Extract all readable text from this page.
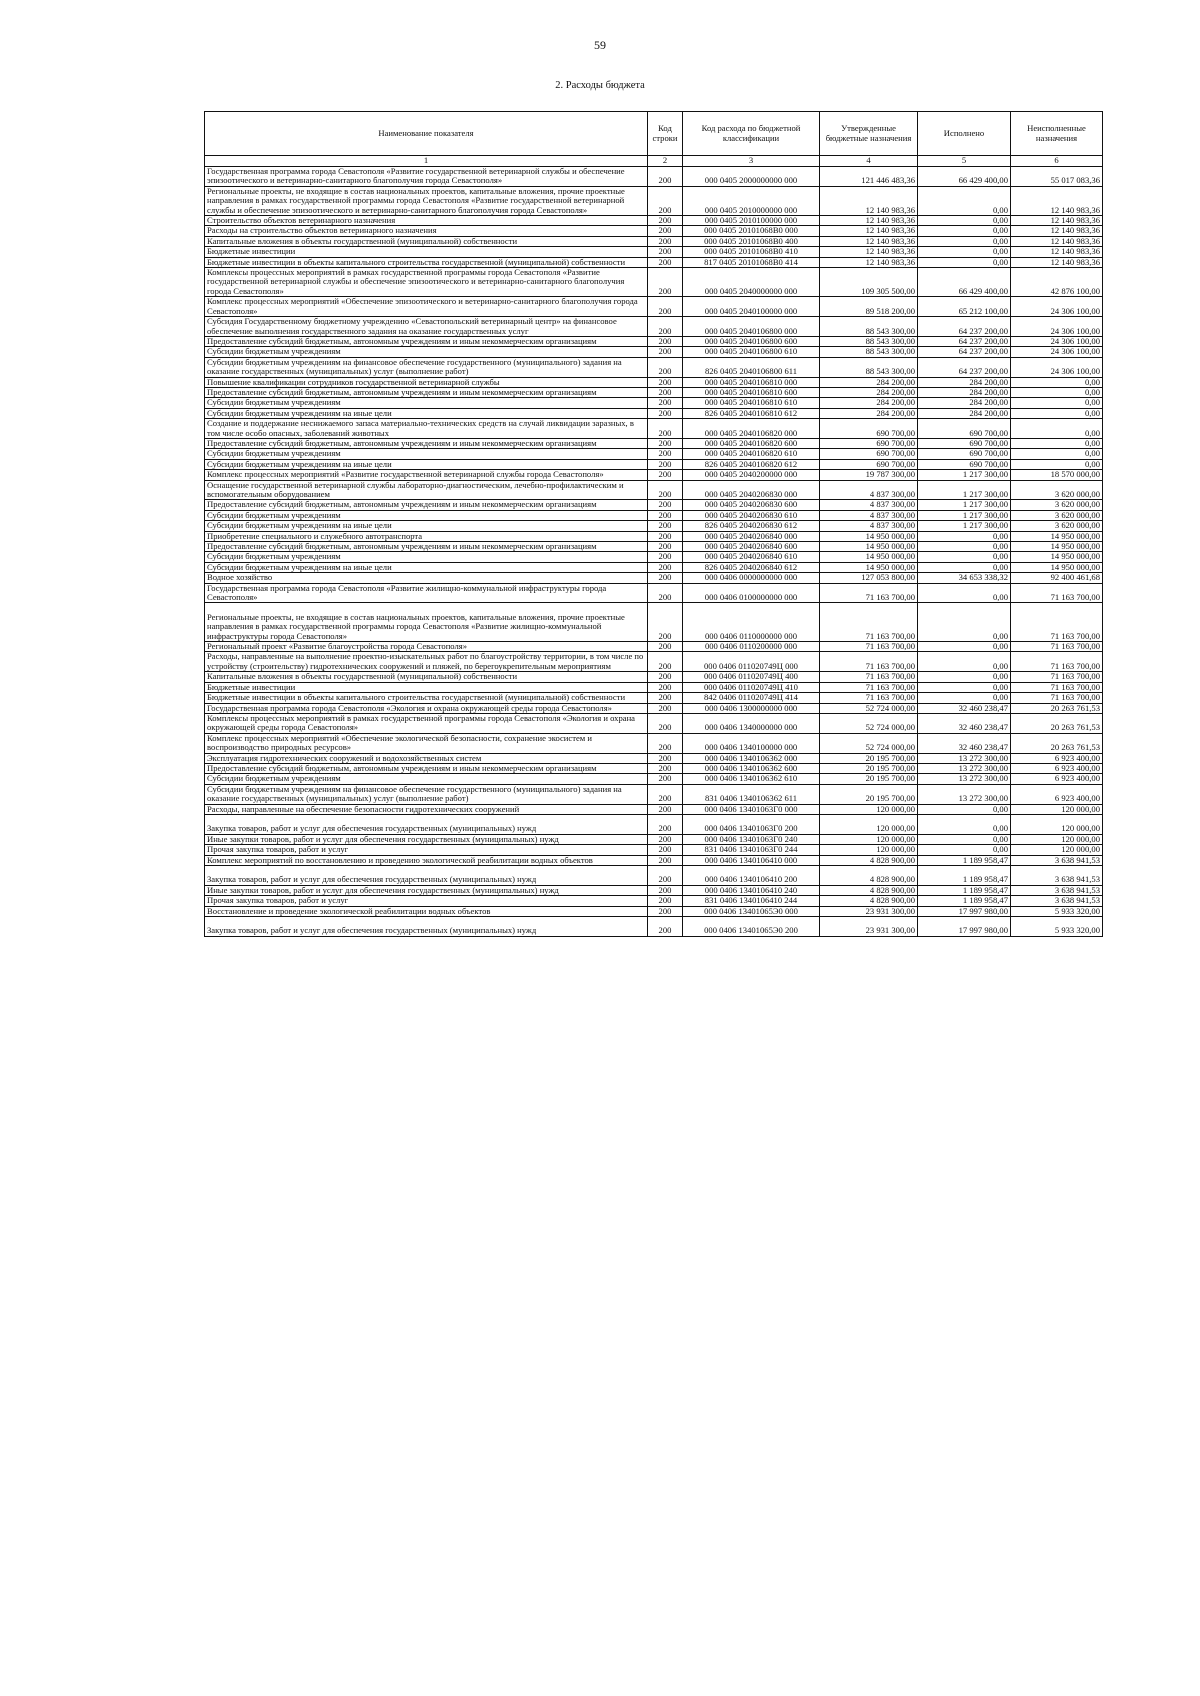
59
2. Расходы бюджета
Наименование показателя	Код строки	Код расхода по бюджетной классификации	Утвержденные бюджетные назначения	Исполнено	Неисполненные назначения
1	2	3	4	5	6
Государственная программа города Севастополя «Развитие государственной ветеринарной службы и обеспечение эпизоотического и ветеринарно-санитарного благополучия города Севастополя»	200	000 0405 2000000000 000	121 446 483,36	66 429 400,00	55 017 083,36
Региональные проекты, не входящие в состав национальных проектов, капитальные вложения, прочие проектные направления в рамках государственной программы города Севастополя «Развитие государственной ветеринарной службы и обеспечение эпизоотического и ветеринарно-санитарного благополучия города Севастополя»	200	000 0405 2010000000 000	12 140 983,36	0,00	12 140 983,36
Строительство объектов ветеринарного назначения	200	000 0405 2010100000 000	12 140 983,36	0,00	12 140 983,36
Расходы на строительство объектов ветеринарного назначения	200	000 0405 20101068В0 000	12 140 983,36	0,00	12 140 983,36
Капитальные вложения в объекты государственной (муниципальной) собственности	200	000 0405 20101068В0 400	12 140 983,36	0,00	12 140 983,36
Бюджетные инвестиции	200	000 0405 20101068В0 410	12 140 983,36	0,00	12 140 983,36
Бюджетные инвестиции в объекты капитального строительства государственной (муниципальной) собственности	200	817 0405 20101068В0 414	12 140 983,36	0,00	12 140 983,36
Комплексы процессных мероприятий в рамках государственной программы города Севастополя «Развитие государственной ветеринарной службы и обеспечение эпизоотического и ветеринарно-санитарного благополучия города Севастополя»	200	000 0405 2040000000 000	109 305 500,00	66 429 400,00	42 876 100,00
Комплекс процессных мероприятий «Обеспечение эпизоотического и ветеринарно-санитарного благополучия города Севастополя»	200	000 0405 2040100000 000	89 518 200,00	65 212 100,00	24 306 100,00
Субсидия Государственному бюджетному учреждению «Севастопольский ветеринарный центр» на финансовое обеспечение выполнения государственного задания на оказание государственных услуг	200	000 0405 2040106800 000	88 543 300,00	64 237 200,00	24 306 100,00
Предоставление субсидий бюджетным, автономным учреждениям и иным некоммерческим организациям	200	000 0405 2040106800 600	88 543 300,00	64 237 200,00	24 306 100,00
Субсидии бюджетным учреждениям	200	000 0405 2040106800 610	88 543 300,00	64 237 200,00	24 306 100,00
Субсидии бюджетным учреждениям на финансовое обеспечение государственного (муниципального) задания на оказание государственных (муниципальных) услуг (выполнение работ)	200	826 0405 2040106800 611	88 543 300,00	64 237 200,00	24 306 100,00
Повышение квалификации сотрудников государственной ветеринарной службы	200	000 0405 2040106810 000	284 200,00	284 200,00	0,00
Предоставление субсидий бюджетным, автономным учреждениям и иным некоммерческим организациям	200	000 0405 2040106810 600	284 200,00	284 200,00	0,00
Субсидии бюджетным учреждениям	200	000 0405 2040106810 610	284 200,00	284 200,00	0,00
Субсидии бюджетным учреждениям на иные цели	200	826 0405 2040106810 612	284 200,00	284 200,00	0,00
Создание и поддержание неснижаемого запаса материально-технических средств на случай ликвидации заразных, в том числе особо опасных, заболеваний животных	200	000 0405 2040106820 000	690 700,00	690 700,00	0,00
Предоставление субсидий бюджетным, автономным учреждениям и иным некоммерческим организациям	200	000 0405 2040106820 600	690 700,00	690 700,00	0,00
Субсидии бюджетным учреждениям	200	000 0405 2040106820 610	690 700,00	690 700,00	0,00
Субсидии бюджетным учреждениям на иные цели	200	826 0405 2040106820 612	690 700,00	690 700,00	0,00
Комплекс процессных мероприятий «Развитие государственной ветеринарной службы города Севастополя»	200	000 0405 2040200000 000	19 787 300,00	1 217 300,00	18 570 000,00
Оснащение государственной ветеринарной службы лабораторно-диагностическим, лечебно-профилактическим и вспомогательным оборудованием	200	000 0405 2040206830 000	4 837 300,00	1 217 300,00	3 620 000,00
Предоставление субсидий бюджетным, автономным учреждениям и иным некоммерческим организациям	200	000 0405 2040206830 600	4 837 300,00	1 217 300,00	3 620 000,00
Субсидии бюджетным учреждениям	200	000 0405 2040206830 610	4 837 300,00	1 217 300,00	3 620 000,00
Субсидии бюджетным учреждениям на иные цели	200	826 0405 2040206830 612	4 837 300,00	1 217 300,00	3 620 000,00
Приобретение специального и служебного автотранспорта	200	000 0405 2040206840 000	14 950 000,00	0,00	14 950 000,00
Предоставление субсидий бюджетным, автономным учреждениям и иным некоммерческим организациям	200	000 0405 2040206840 600	14 950 000,00	0,00	14 950 000,00
Субсидии бюджетным учреждениям	200	000 0405 2040206840 610	14 950 000,00	0,00	14 950 000,00
Субсидии бюджетным учреждениям на иные цели	200	826 0405 2040206840 612	14 950 000,00	0,00	14 950 000,00
Водное хозяйство	200	000 0406 0000000000 000	127 053 800,00	34 653 338,32	92 400 461,68
Государственная программа города Севастополя «Развитие жилищно-коммунальной инфраструктуры города Севастополя»	200	000 0406 0100000000 000	71 163 700,00	0,00	71 163 700,00
Региональные проекты, не входящие в состав национальных проектов, капитальные вложения, прочие проектные направления в рамках государственной программы города Севастополя «Развитие жилищно-коммунальной инфраструктуры города Севастополя»	200	000 0406 0110000000 000	71 163 700,00	0,00	71 163 700,00
Региональный проект «Развитие благоустройства города Севастополя»	200	000 0406 0110200000 000	71 163 700,00	0,00	71 163 700,00
Расходы, направленные на выполнение проектно-изыскательных работ по благоустройству территории, в том числе по устройству (строительству) гидротехнических сооружений и пляжей, по берегоукрепительным мероприятиям	200	000 0406 011020749Ц 000	71 163 700,00	0,00	71 163 700,00
Капитальные вложения в объекты государственной (муниципальной) собственности	200	000 0406 011020749Ц 400	71 163 700,00	0,00	71 163 700,00
Бюджетные инвестиции	200	000 0406 011020749Ц 410	71 163 700,00	0,00	71 163 700,00
Бюджетные инвестиции в объекты капитального строительства государственной (муниципальной) собственности	200	842 0406 011020749Ц 414	71 163 700,00	0,00	71 163 700,00
Государственная программа города Севастополя «Экология и охрана окружающей среды города Севастополя»	200	000 0406 1300000000 000	52 724 000,00	32 460 238,47	20 263 761,53
Комплексы процессных мероприятий в рамках государственной программы города Севастополя «Экология и охрана окружающей среды города Севастополя»	200	000 0406 1340000000 000	52 724 000,00	32 460 238,47	20 263 761,53
Комплекс процессных мероприятий «Обеспечение экологической безопасности, сохранение экосистем и воспроизводство природных ресурсов»	200	000 0406 1340100000 000	52 724 000,00	32 460 238,47	20 263 761,53
Эксплуатация гидротехнических сооружений и водохозяйственных систем	200	000 0406 1340106362 000	20 195 700,00	13 272 300,00	6 923 400,00
Предоставление субсидий бюджетным, автономным учреждениям и иным некоммерческим организациям	200	000 0406 1340106362 600	20 195 700,00	13 272 300,00	6 923 400,00
Субсидии бюджетным учреждениям	200	000 0406 1340106362 610	20 195 700,00	13 272 300,00	6 923 400,00
Субсидии бюджетным учреждениям на финансовое обеспечение государственного (муниципального) задания на оказание государственных (муниципальных) услуг (выполнение работ)	200	831 0406 1340106362 611	20 195 700,00	13 272 300,00	6 923 400,00
Расходы, направленные на обеспечение безопасности гидротехнических сооружений	200	000 0406 13401063Г0 000	120 000,00	0,00	120 000,00
Закупка товаров, работ и услуг для обеспечения государственных (муниципальных) нужд	200	000 0406 13401063Г0 200	120 000,00	0,00	120 000,00
Иные закупки товаров, работ и услуг для обеспечения государственных (муниципальных) нужд	200	000 0406 13401063Г0 240	120 000,00	0,00	120 000,00
Прочая закупка товаров, работ и услуг	200	831 0406 13401063Г0 244	120 000,00	0,00	120 000,00
Комплекс мероприятий по восстановлению и проведению экологической реабилитации водных объектов	200	000 0406 1340106410 000	4 828 900,00	1 189 958,47	3 638 941,53
Закупка товаров, работ и услуг для обеспечения государственных (муниципальных) нужд	200	000 0406 1340106410 200	4 828 900,00	1 189 958,47	3 638 941,53
Иные закупки товаров, работ и услуг для обеспечения государственных (муниципальных) нужд	200	000 0406 1340106410 240	4 828 900,00	1 189 958,47	3 638 941,53
Прочая закупка товаров, работ и услуг	200	831 0406 1340106410 244	4 828 900,00	1 189 958,47	3 638 941,53
Восстановление и проведение экологической реабилитации водных объектов	200	000 0406 13401065Э0 000	23 931 300,00	17 997 980,00	5 933 320,00
Закупка товаров, работ и услуг для обеспечения государственных (муниципальных) нужд	200	000 0406 13401065Э0 200	23 931 300,00	17 997 980,00	5 933 320,00
